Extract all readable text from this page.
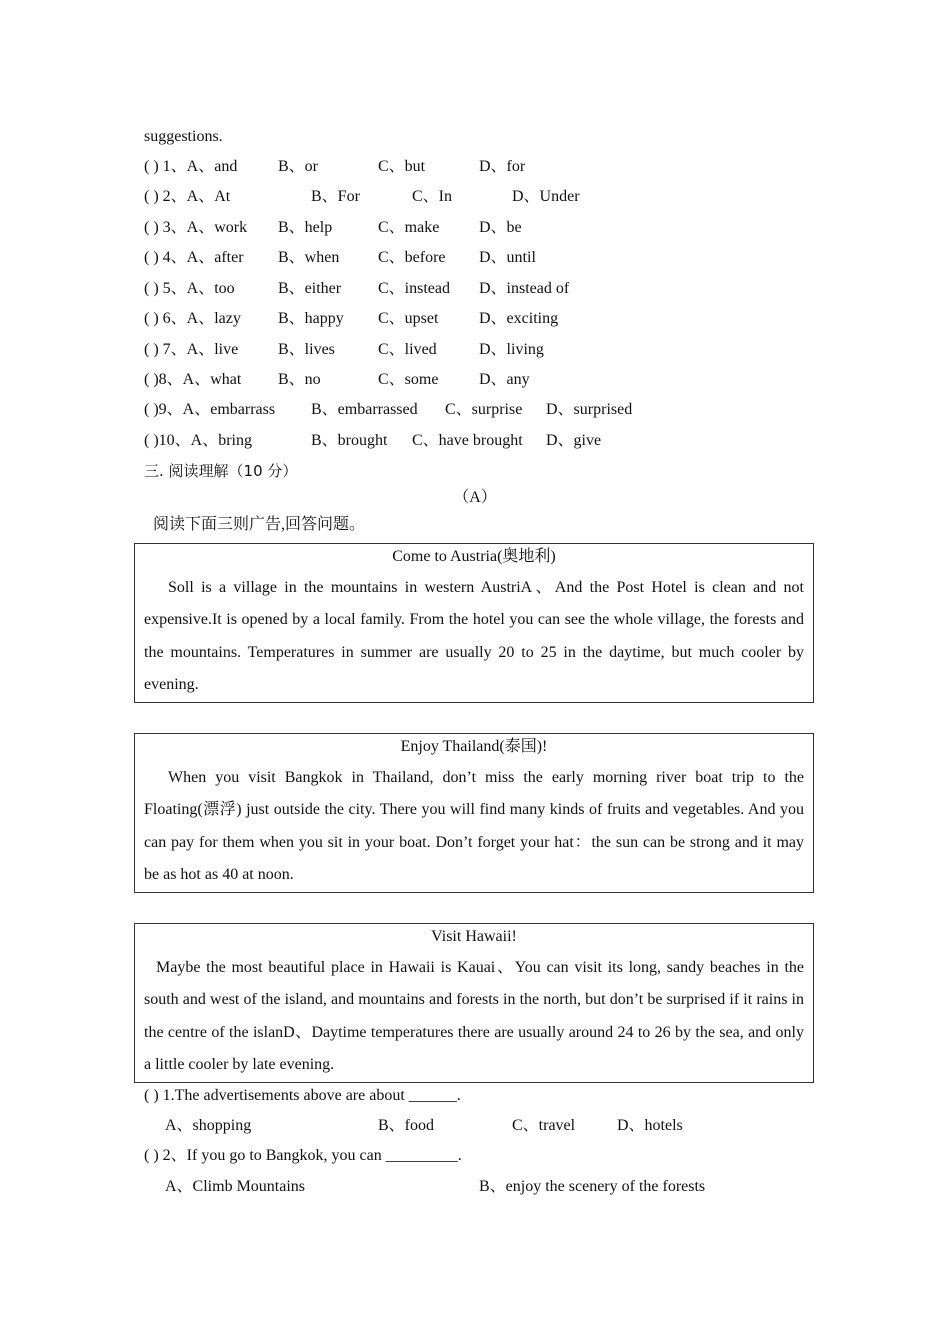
suggestions.
( ) 1、A、and	B、or	C、but	D、for
( ) 2、A、At	B、For	C、In	D、Under
( ) 3、A、work B、help	C、make D、be
( ) 4、A、after B、when C、before D、until
( ) 5、A、too	B、either C、instead D、instead of
( ) 6、A、lazy B、happy C、upset	D、exciting
( ) 7、A、live B、lives	C、lived	D、living
( )8、A、what B、no	C、some	D、any
( )9、A、embarrass B、embarrassed C、surprise D、surprised
( )10、A、bring	B、brought C、have brought D、give
三. 阅读理解（10 分）
（A）
阅读下面三则广告,回答问题。
Come to Austria(奥地利)
Soll is a village in the mountains in western AustriA、And the Post Hotel is clean and not expensive.It is opened by a local family. From the hotel you can see the whole village, the forests and the mountains. Temperatures in summer are usually 20 to 25 in the daytime, but much cooler by evening.
Enjoy Thailand(泰国)!
When you visit Bangkok in Thailand, don’t miss the early morning river boat trip to the Floating(漂浮) just outside the city. There you will find many kinds of fruits and vegetables. And you can pay for them when you sit in your boat. Don’t forget your hat：the sun can be strong and it may be as hot as 40 at noon.
Visit Hawaii!
Maybe the most beautiful place in Hawaii is Kauai、You can visit its long, sandy beaches in the south and west of the island, and mountains and forests in the north, but don’t be surprised if it rains in the centre of the islanD、Daytime temperatures there are usually around 24 to 26 by the sea, and only a little cooler by late evening.
( ) 1.The advertisements above are about ______.
A、shopping	B、food	C、travel	D、hotels
( ) 2、If you go to Bangkok, you can _________.
A、Climb Mountains	B、enjoy the scenery of the forests
